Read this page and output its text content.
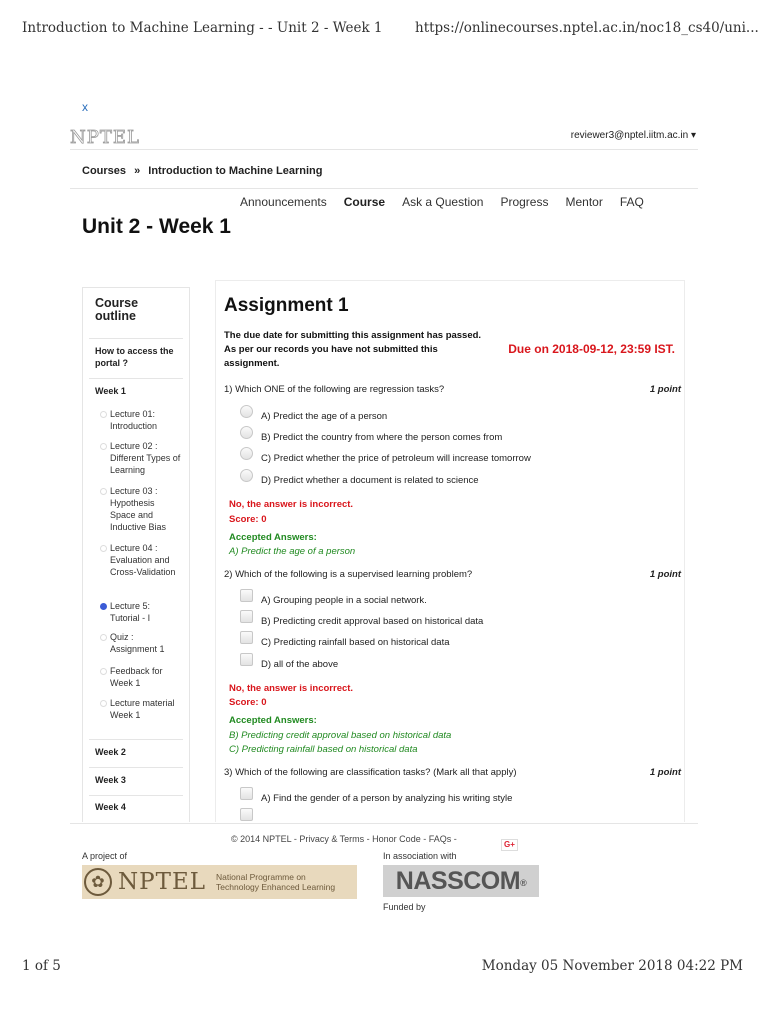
Introduction to Machine Learning - - Unit 2 - Week 1 https://onlinecourses.nptel.ac.in/noc18_cs40/uni...
x
NPTEL	reviewer3@nptel.iitm.ac.in ▾
Courses » Introduction to Machine Learning
Announcements Course Ask a Question Progress Mentor FAQ
Unit 2 - Week 1
Course outline
How to access the portal ?
Week 1
Lecture 01: Introduction
Lecture 02 : Different Types of Learning
Lecture 03 : Hypothesis Space and Inductive Bias
Lecture 04 : Evaluation and Cross-Validation
Lecture 5: Tutorial - I
Quiz : Assignment 1
Feedback for Week 1
Lecture material Week 1
Week 2
Week 3
Week 4
Assignment 1
The due date for submitting this assignment has passed. As per our records you have not submitted this assignment.
Due on 2018-09-12, 23:59 IST.
1) Which ONE of the following are regression tasks?	1 point
A) Predict the age of a person
B) Predict the country from where the person comes from
C) Predict whether the price of petroleum will increase tomorrow
D) Predict whether a document is related to science
No, the answer is incorrect.
Score: 0
Accepted Answers:
A) Predict the age of a person
2) Which of the following is a supervised learning problem?	1 point
A) Grouping people in a social network.
B) Predicting credit approval based on historical data
C) Predicting rainfall based on historical data
D) all of the above
No, the answer is incorrect.
Score: 0
Accepted Answers:
B) Predicting credit approval based on historical data
C) Predicting rainfall based on historical data
3) Which of the following are classification tasks? (Mark all that apply)	1 point
A) Find the gender of a person by analyzing his writing style
© 2014 NPTEL - Privacy & Terms - Honor Code - FAQs -
G+
A project of
✿ NPTEL National Programme on
Technology Enhanced Learning
In association with
NASSCOM ®
Funded by
1 of 5	Monday 05 November 2018 04:22 PM
